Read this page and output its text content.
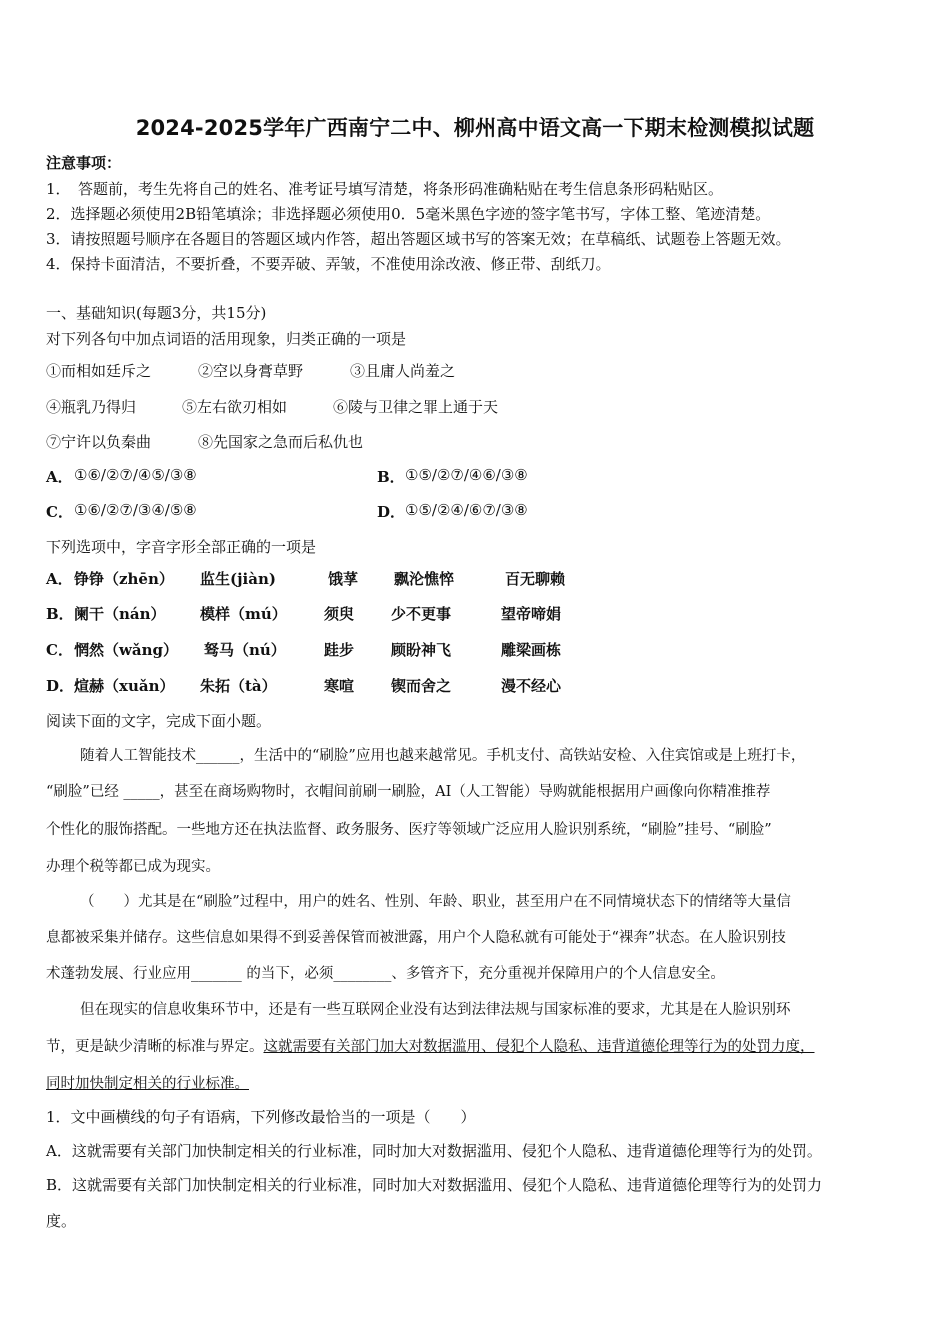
2024-2025学年广西南宁二中、柳州高中语文高一下期末检测模拟试题
注意事项：
1．　答题前，考生先将自己的姓名、准考证号填写清楚，将条形码准确粘贴在考生信息条形码粘贴区。
2．选择题必须使用2B铅笔填涂；非选择题必须使用0．5毫米黑色字迹的签字笔书写，字体工整、笔迹清楚。
3．请按照题号顺序在各题目的答题区域内作答，超出答题区域书写的答案无效；在草稿纸、试题卷上答题无效。
4．保持卡面清洁，不要折叠，不要弄破、弄皱，不准使用涂改液、修正带、刮纸刀。
一、基础知识(每题3分，共15分)
对下列各句中加点词语的活用现象，归类正确的一项是
①而相如廷斥之	②空以身膏草野	③且庸人尚羞之
④瓶乳乃得归	⑤左右欲刃相如	⑥陵与卫律之罪上通于天
⑦宁许以负秦曲	⑧先国家之急而后私仇也
A． ①⑥/②⑦/④⑤/③⑧	B． ①⑤/②⑦/④⑥/③⑧
C． ①⑥/②⑦/③④/⑤⑧	D． ①⑤/②④/⑥⑦/③⑧
下列选项中，字音字形全部正确的一项是
A． 铮铮（zhēn） 监生(jiàn)	饿莩 飘沦憔悴	百无聊赖
B． 阑干（nán） 模样（mú） 须臾 少不更事	望帝啼娟
C． 惘然（wǎng） 驽马（nú）	跬步 顾盼神飞	雕梁画栋
D． 煊赫（xuǎn） 朱拓（tà）	寒喧 锲而舍之	漫不经心
阅读下面的文字，完成下面小题。
随着人工智能技术______，生活中的“刷脸”应用也越来越常见。手机支付、高铁站安检、入住宾馆或是上班打卡，
“刷脸”已经 _____，甚至在商场购物时，衣帽间前刷一刷脸，AI（人工智能）导购就能根据用户画像向你精准推荐
个性化的服饰搭配。一些地方还在执法监督、政务服务、医疗等领域广泛应用人脸识别系统，“刷脸”挂号、“刷脸”
办理个税等都已成为现实。
（　　）尤其是在“刷脸”过程中，用户的姓名、性别、年龄、职业，甚至用户在不同情境状态下的情绪等大量信
息都被采集并储存。这些信息如果得不到妥善保管而被泄露，用户个人隐私就有可能处于“裸奔”状态。在人脸识别技
术蓬勃发展、行业应用_______ 的当下，必须________、多管齐下，充分重视并保障用户的个人信息安全。
但在现实的信息收集环节中，还是有一些互联网企业没有达到法律法规与国家标准的要求，尤其是在人脸识别环
节，更是缺少清晰的标准与界定。这就需要有关部门加大对数据滥用、侵犯个人隐私、违背道德伦理等行为的处罚力度，
同时加快制定相关的行业标准。
1．文中画横线的句子有语病，下列修改最恰当的一项是（　　）
A．这就需要有关部门加快制定相关的行业标准，同时加大对数据滥用、侵犯个人隐私、违背道德伦理等行为的处罚。
B．这就需要有关部门加快制定相关的行业标准，同时加大对数据滥用、侵犯个人隐私、违背道德伦理等行为的处罚力
度。
